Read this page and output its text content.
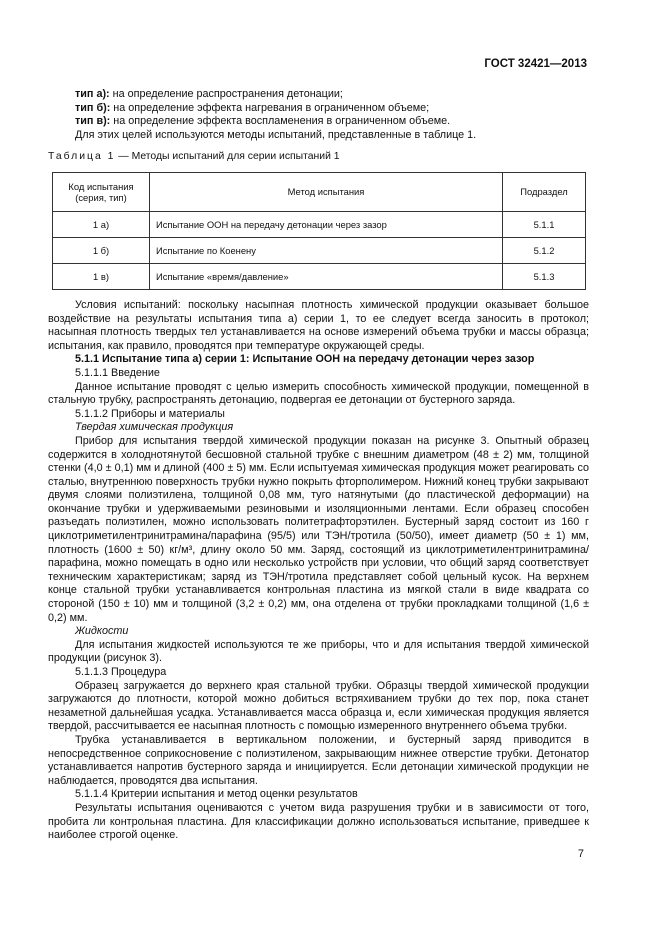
ГОСТ 32421—2013

тип а): на определение распространения детонации;

тип б): на определение эффекта нагревания в ограниченном объеме;

тип в): на определение эффекта воспламенения в ограниченном объеме.

Для этих целей используются методы испытаний, представленные в таблице 1.

Таблица 1 — Методы испытаний для серии испытаний 1

Код испытания (серия, тип)	Метод испытания	Подраздел
1 а)	Испытание ООН на передачу детонации через зазор	5.1.1
1 б)	Испытание по Коенену	5.1.2
1 в)	Испытание «время/давление»	5.1.3

Условия испытаний: поскольку насыпная плотность химической продукции оказывает большое воздействие на результаты испытания типа а) серии 1, то ее следует всегда заносить в протокол; насыпная плотность твердых тел устанавливается на основе измерений объема трубки и массы образца; испытания, как правило, проводятся при температуре окружающей среды.

5.1.1 Испытание типа а) серии 1: Испытание ООН на передачу детонации через зазор

5.1.1.1 Введение

Данное испытание проводят с целью измерить способность химической продукции, помещенной в стальную трубку, распространять детонацию, подвергая ее детонации от бустерного заряда.

5.1.1.2 Приборы и материалы

Твердая химическая продукция

Прибор для испытания твердой химической продукции показан на рисунке 3. Опытный образец содержится в холоднотянутой бесшовной стальной трубке с внешним диаметром (48 ± 2) мм, толщиной стенки (4,0 ± 0,1) мм и длиной (400 ± 5) мм. Если испытуемая химическая продукция может реагировать со сталью, внутреннюю поверхность трубки нужно покрыть фторполимером. Нижний конец трубки закрывают двумя слоями полиэтилена, толщиной 0,08 мм, туго натянутыми (до пластической деформации) на окончание трубки и удерживаемыми резиновыми и изоляционными лентами. Если образец способен разъедать полиэтилен, можно использовать политетрафторэтилен. Бустерный заряд состоит из 160 г циклотриметилентринитрамина/парафина (95/5) или ТЭН/тротила (50/50), имеет диаметр (50 ± 1) мм, плотность (1600 ± 50) кг/м³, длину около 50 мм. Заряд, состоящий из циклотриметилентринитрамина/ парафина, можно помещать в одно или несколько устройств при условии, что общий заряд соответствует техническим характеристикам; заряд из ТЭН/тротила представляет собой цельный кусок. На верхнем конце стальной трубки устанавливается контрольная пластина из мягкой стали в виде квадрата со стороной (150 ± 10) мм и толщиной (3,2 ± 0,2) мм, она отделена от трубки прокладками толщиной (1,6 ± 0,2) мм.

Жидкости

Для испытания жидкостей используются те же приборы, что и для испытания твердой химической продукции (рисунок 3).

5.1.1.3 Процедура

Образец загружается до верхнего края стальной трубки. Образцы твердой химической продукции загружаются до плотности, которой можно добиться встряхиванием трубки до тех пор, пока станет незаметной дальнейшая усадка. Устанавливается масса образца и, если химическая продукция является твердой, рассчитывается ее насыпная плотность с помощью измеренного внутреннего объема трубки.

Трубка устанавливается в вертикальном положении, и бустерный заряд приводится в непосредственное соприкосновение с полиэтиленом, закрывающим нижнее отверстие трубки. Детонатор устанавливается напротив бустерного заряда и инициируется. Если детонации химической продукции не наблюдается, проводятся два испытания.

5.1.1.4 Критерии испытания и метод оценки результатов

Результаты испытания оцениваются с учетом вида разрушения трубки и в зависимости от того, пробита ли контрольная пластина. Для классификации должно использоваться испытание, приведшее к наиболее строгой оценке.

7
